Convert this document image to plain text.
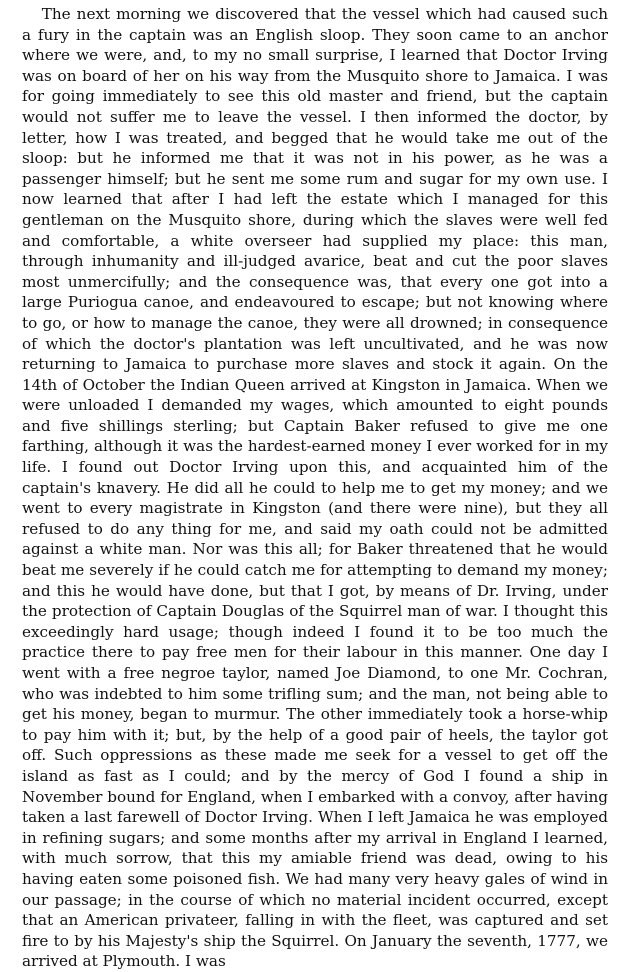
The next morning we discovered that the vessel which had caused such a fury in the captain was an English sloop. They soon came to an anchor where we were, and, to my no small surprise, I learned that Doctor Irving was on board of her on his way from the Musquito shore to Jamaica. I was for going immediately to see this old master and friend, but the captain would not suffer me to leave the vessel. I then informed the doctor, by letter, how I was treated, and begged that he would take me out of the sloop: but he informed me that it was not in his power, as he was a passenger himself; but he sent me some rum and sugar for my own use. I now learned that after I had left the estate which I managed for this gentleman on the Musquito shore, during which the slaves were well fed and comfortable, a white overseer had supplied my place: this man, through inhumanity and ill-judged avarice, beat and cut the poor slaves most unmercifully; and the consequence was, that every one got into a large Puriogua canoe, and endeavoured to escape; but not knowing where to go, or how to manage the canoe, they were all drowned; in consequence of which the doctor's plantation was left uncultivated, and he was now returning to Jamaica to purchase more slaves and stock it again. On the 14th of October the Indian Queen arrived at Kingston in Jamaica. When we were unloaded I demanded my wages, which amounted to eight pounds and five shillings sterling; but Captain Baker refused to give me one farthing, although it was the hardest-earned money I ever worked for in my life. I found out Doctor Irving upon this, and acquainted him of the captain's knavery. He did all he could to help me to get my money; and we went to every magistrate in Kingston (and there were nine), but they all refused to do any thing for me, and said my oath could not be admitted against a white man. Nor was this all; for Baker threatened that he would beat me severely if he could catch me for attempting to demand my money; and this he would have done, but that I got, by means of Dr. Irving, under the protection of Captain Douglas of the Squirrel man of war. I thought this exceedingly hard usage; though indeed I found it to be too much the practice there to pay free men for their labour in this manner. One day I went with a free negroe taylor, named Joe Diamond, to one Mr. Cochran, who was indebted to him some trifling sum; and the man, not being able to get his money, began to murmur. The other immediately took a horse-whip to pay him with it; but, by the help of a good pair of heels, the taylor got off. Such oppressions as these made me seek for a vessel to get off the island as fast as I could; and by the mercy of God I found a ship in November bound for England, when I embarked with a convoy, after having taken a last farewell of Doctor Irving. When I left Jamaica he was employed in refining sugars; and some months after my arrival in England I learned, with much sorrow, that this my amiable friend was dead, owing to his having eaten some poisoned fish. We had many very heavy gales of wind in our passage; in the course of which no material incident occurred, except that an American privateer, falling in with the fleet, was captured and set fire to by his Majesty's ship the Squirrel. On January the seventh, 1777, we arrived at Plymouth. I was
